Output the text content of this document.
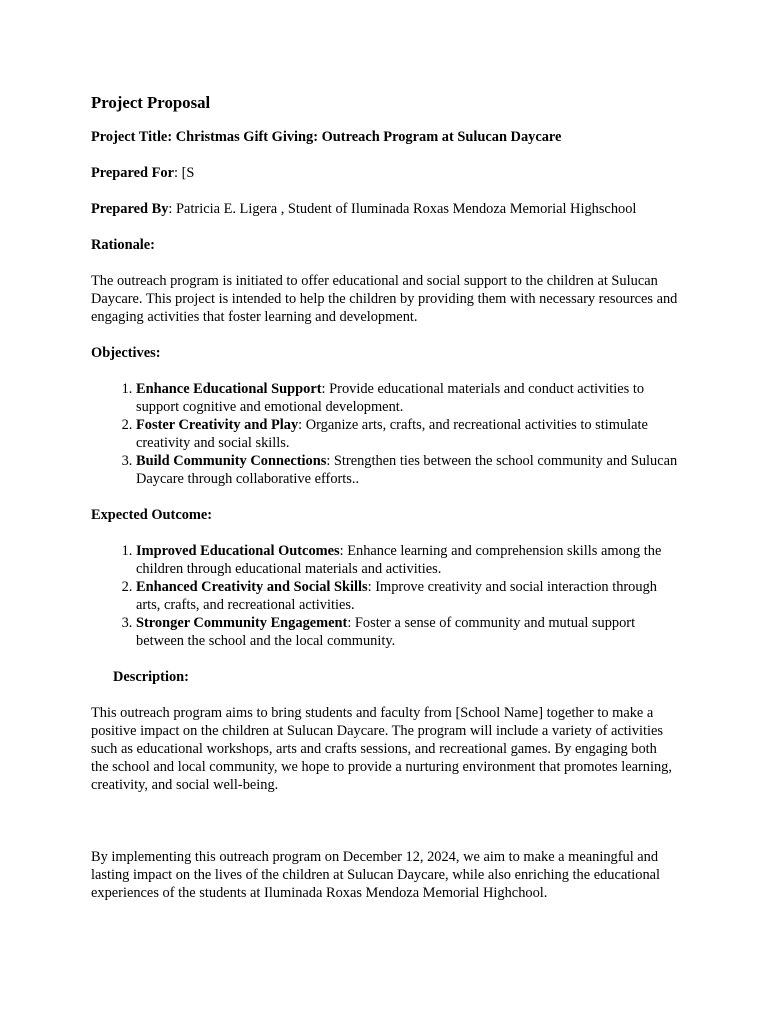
Project Proposal

Project Title: Christmas Gift Giving: Outreach Program at Sulucan Daycare

Prepared For: [S

Prepared By: Patricia E. Ligera , Student of Iluminada Roxas Mendoza Memorial Highschool

Rationale:

The outreach program is initiated to offer educational and social support to the children at Sulucan Daycare. This project is intended to help the children by providing them with necessary resources and engaging activities that foster learning and development.

Objectives:

1. Enhance Educational Support: Provide educational materials and conduct activities to support cognitive and emotional development.
2. Foster Creativity and Play: Organize arts, crafts, and recreational activities to stimulate creativity and social skills.
3. Build Community Connections: Strengthen ties between the school community and Sulucan Daycare through collaborative efforts..

Expected Outcome:

1. Improved Educational Outcomes: Enhance learning and comprehension skills among the children through educational materials and activities.
2. Enhanced Creativity and Social Skills: Improve creativity and social interaction through arts, crafts, and recreational activities.
3. Stronger Community Engagement: Foster a sense of community and mutual support between the school and the local community.

Description:

This outreach program aims to bring students and faculty from [School Name] together to make a positive impact on the children at Sulucan Daycare. The program will include a variety of activities such as educational workshops, arts and crafts sessions, and recreational games. By engaging both the school and local community, we hope to provide a nurturing environment that promotes learning, creativity, and social well-being.

By implementing this outreach program on December 12, 2024, we aim to make a meaningful and lasting impact on the lives of the children at Sulucan Daycare, while also enriching the educational experiences of the students at Iluminada Roxas Mendoza Memorial Highchool.
